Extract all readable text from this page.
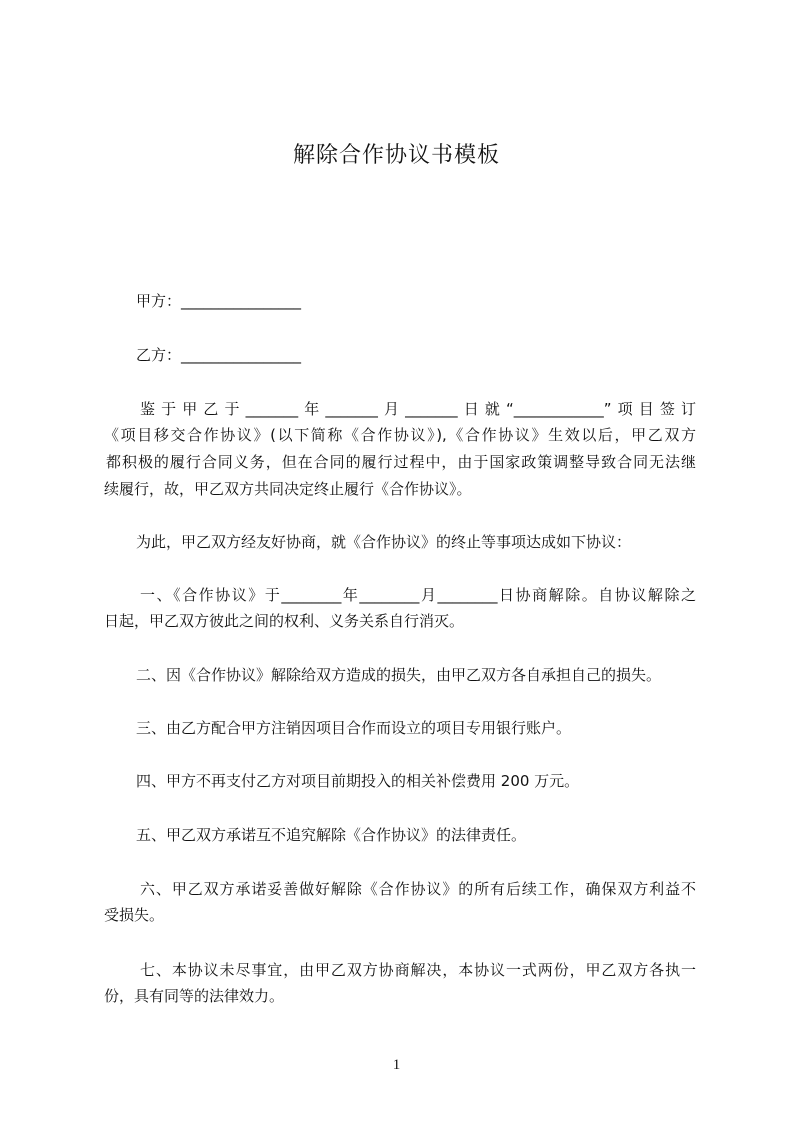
解除合作协议书模板
甲方：________________
乙方：________________
鉴于甲乙于_______年_______月_______日就“____________”项目签订
《项目移交合作协议》(以下简称《合作协议》),《合作协议》生效以后，甲乙双方
都积极的履行合同义务，但在合同的履行过程中，由于国家政策调整导致合同无法继
续履行，故，甲乙双方共同决定终止履行《合作协议》。
为此，甲乙双方经友好协商，就《合作协议》的终止等事项达成如下协议：
一、《合作协议》于________年________月________日协商解除。自协议解除之
日起，甲乙双方彼此之间的权利、义务关系自行消灭。
二、因《合作协议》解除给双方造成的损失，由甲乙双方各自承担自己的损失。
三、由乙方配合甲方注销因项目合作而设立的项目专用银行账户。
四、甲方不再支付乙方对项目前期投入的相关补偿费用 200 万元。
五、甲乙双方承诺互不追究解除《合作协议》的法律责任。
六、甲乙双方承诺妥善做好解除《合作协议》的所有后续工作，确保双方利益不
受损失。
七、本协议未尽事宜，由甲乙双方协商解决，本协议一式两份，甲乙双方各执一
份，具有同等的法律效力。
1
